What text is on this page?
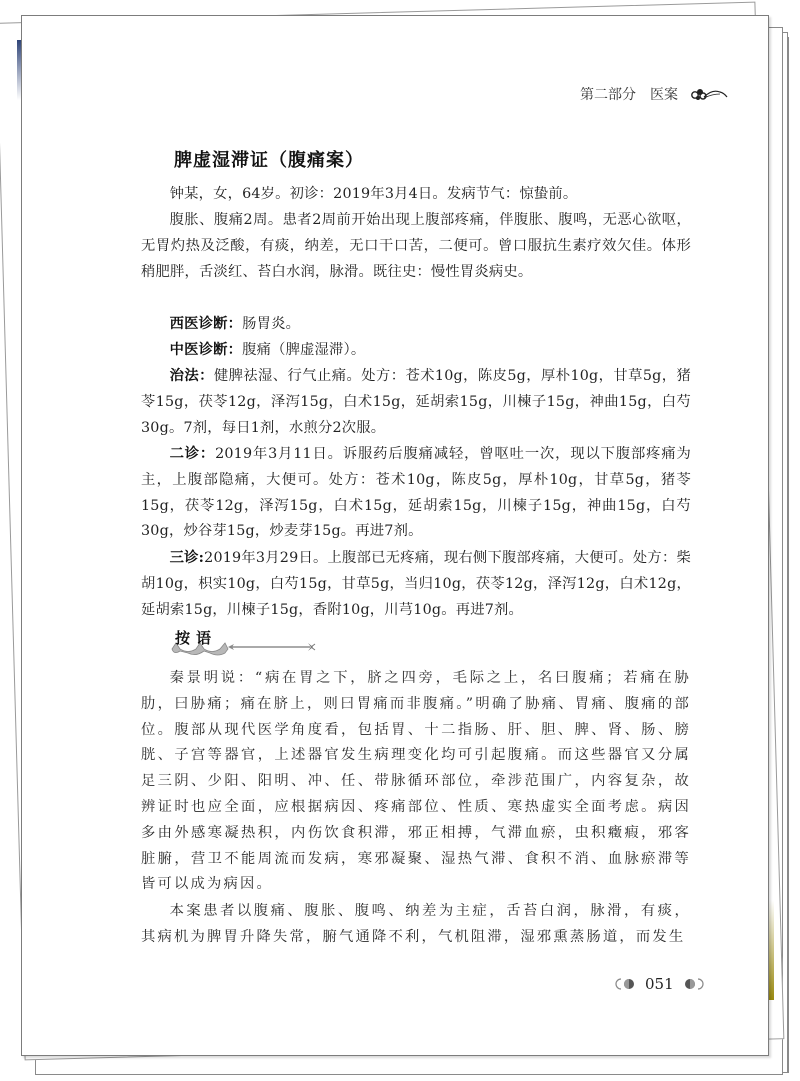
第二部分 医案
脾虚湿滞证（腹痛案）

钟某，女，64岁。初诊：2019年3月4日。发病节气：惊蛰前。

腹胀、腹痛2周。患者2周前开始出现上腹部疼痛，伴腹胀、腹鸣，无恶心欲呕，无胃灼热及泛酸，有痰，纳差，无口干口苦，二便可。曾口服抗生素疗效欠佳。体形稍肥胖，舌淡红、苔白水润，脉滑。既往史：慢性胃炎病史。

西医诊断：肠胃炎。

中医诊断：腹痛（脾虚湿滞）。

治法：健脾祛湿、行气止痛。处方：苍术10g，陈皮5g，厚朴10g，甘草5g，猪苓15g，茯苓12g，泽泻15g，白术15g，延胡索15g，川楝子15g，神曲15g，白芍30g。7剂，每日1剂，水煎分2次服。

二诊：2019年3月11日。诉服药后腹痛减轻，曾呕吐一次，现以下腹部疼痛为主，上腹部隐痛，大便可。处方：苍术10g，陈皮5g，厚朴10g，甘草5g，猪苓15g，茯苓12g，泽泻15g，白术15g，延胡索15g，川楝子15g，神曲15g，白芍30g，炒谷芽15g，炒麦芽15g。再进7剂。

三诊:2019年3月29日。上腹部已无疼痛，现右侧下腹部疼痛，大便可。处方：柴胡10g，枳实10g，白芍15g，甘草5g，当归10g，茯苓12g，泽泻12g，白术12g，延胡索15g，川楝子15g，香附10g，川芎10g。再进7剂。

按语

秦景明说：“病在胃之下，脐之四旁，毛际之上，名曰腹痛；若痛在胁肋，曰胁痛；痛在脐上，则曰胃痛而非腹痛。”明确了胁痛、胃痛、腹痛的部位。腹部从现代医学角度看，包括胃、十二指肠、肝、胆、脾、肾、肠、膀胱、子宫等器官，上述器官发生病理变化均可引起腹痛。而这些器官又分属足三阴、少阳、阳明、冲、任、带脉循环部位，牵涉范围广，内容复杂，故辨证时也应全面，应根据病因、疼痛部位、性质、寒热虚实全面考虑。病因多由外感寒凝热积，内伤饮食积滞，邪正相搏，气滞血瘀，虫积癥瘕，邪客脏腑，营卫不能周流而发病，寒邪凝聚、湿热气滞、食积不消、血脉瘀滞等皆可以成为病因。

本案患者以腹痛、腹胀、腹鸣、纳差为主症，舌苔白润，脉滑，有痰，其病机为脾胃升降失常，腑气通降不利，气机阻滞，湿邪熏蒸肠道，而发生

051
